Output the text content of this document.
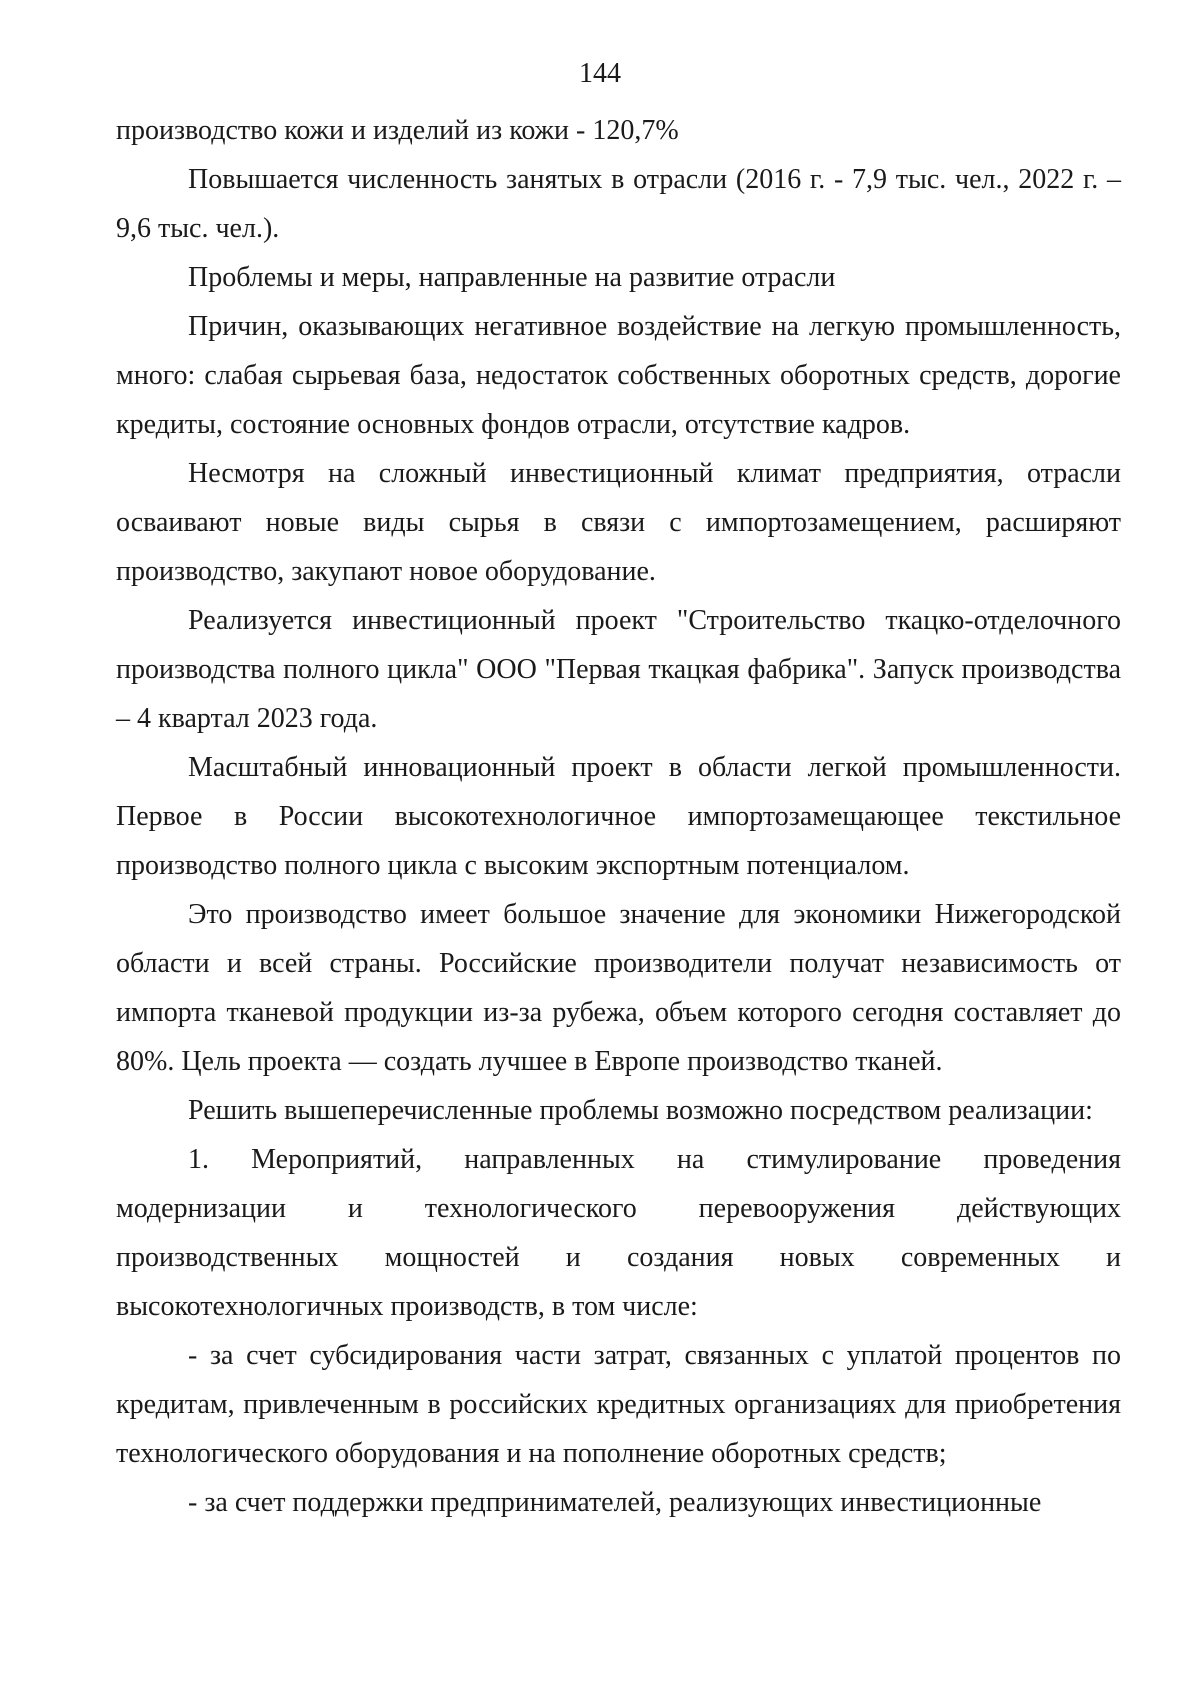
144

производство кожи и изделий из кожи - 120,7%

Повышается численность занятых в отрасли (2016 г. - 7,9 тыс. чел., 2022 г. – 9,6 тыс. чел.).

Проблемы и меры, направленные на развитие отрасли

Причин, оказывающих негативное воздействие на легкую промышленность, много: слабая сырьевая база, недостаток собственных оборотных средств, дорогие кредиты, состояние основных фондов отрасли, отсутствие кадров.

Несмотря на сложный инвестиционный климат предприятия, отрасли осваивают новые виды сырья в связи с импортозамещением, расширяют производство, закупают новое оборудование.

Реализуется инвестиционный проект "Строительство ткацко-отделочного производства полного цикла" ООО "Первая ткацкая фабрика". Запуск производства – 4 квартал 2023 года.

Масштабный инновационный проект в области легкой промышленности. Первое в России высокотехнологичное импортозамещающее текстильное производство полного цикла с высоким экспортным потенциалом.

Это производство имеет большое значение для экономики Нижегородской области и всей страны. Российские производители получат независимость от импорта тканевой продукции из-за рубежа, объем которого сегодня составляет до 80%. Цель проекта — создать лучшее в Европе производство тканей.

Решить вышеперечисленные проблемы возможно посредством реализации:

1. Мероприятий, направленных на стимулирование проведения модернизации и технологического перевооружения действующих производственных мощностей и создания новых современных и высокотехнологичных производств, в том числе:

- за счет субсидирования части затрат, связанных с уплатой процентов по кредитам, привлеченным в российских кредитных организациях для приобретения технологического оборудования и на пополнение оборотных средств;

- за счет поддержки предпринимателей, реализующих инвестиционные
